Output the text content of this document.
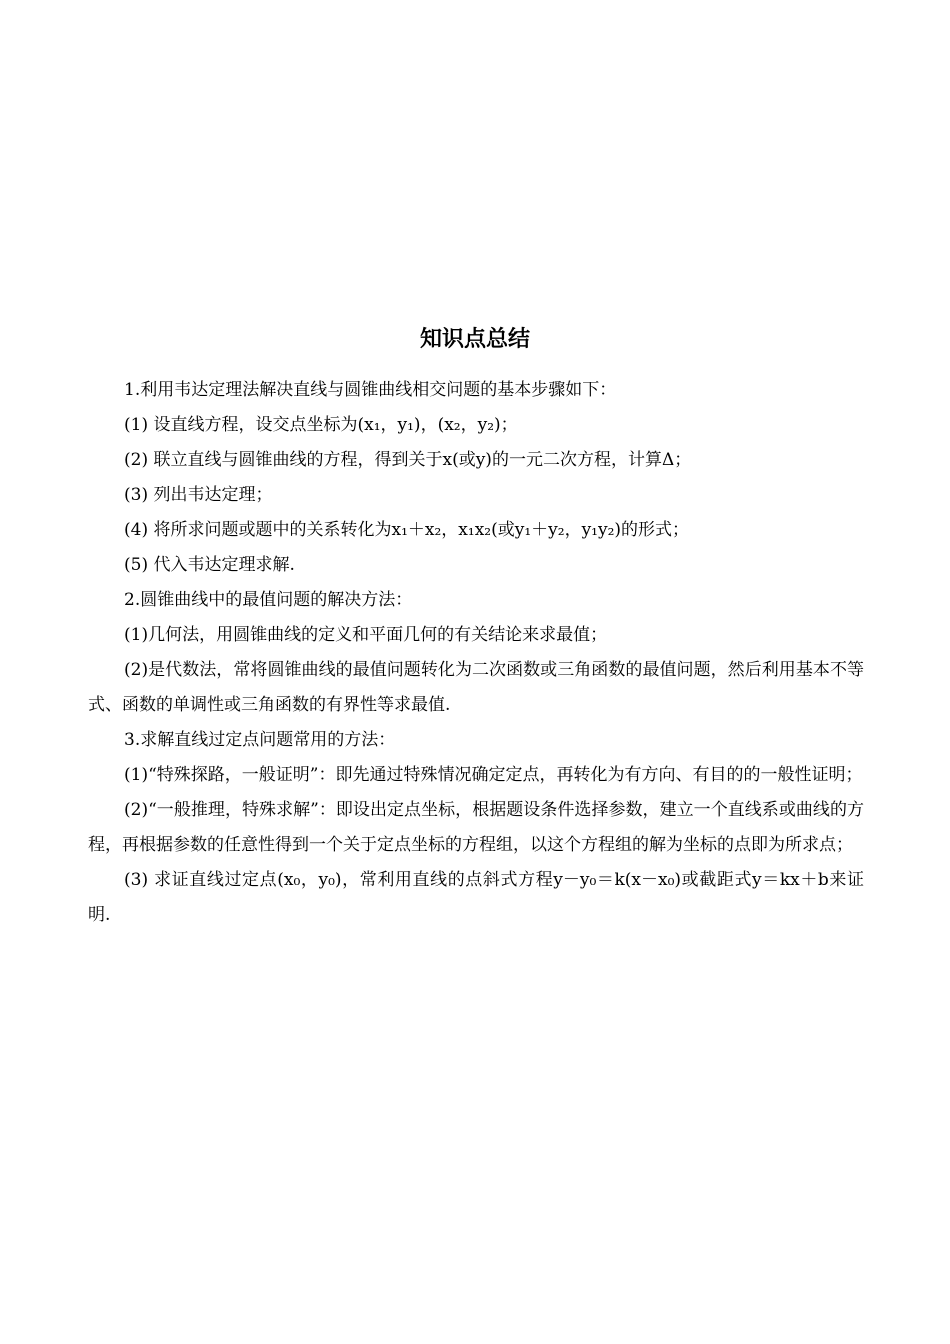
知识点总结

1.利用韦达定理法解决直线与圆锥曲线相交问题的基本步骤如下：

(1) 设直线方程，设交点坐标为(x₁，y₁)，(x₂，y₂)；

(2) 联立直线与圆锥曲线的方程，得到关于x(或y)的一元二次方程，计算Δ；

(3) 列出韦达定理；

(4) 将所求问题或题中的关系转化为x₁＋x₂，x₁x₂(或y₁＋y₂，y₁y₂)的形式；

(5) 代入韦达定理求解.

2.圆锥曲线中的最值问题的解决方法：

(1)几何法，用圆锥曲线的定义和平面几何的有关结论来求最值；

(2)是代数法，常将圆锥曲线的最值问题转化为二次函数或三角函数的最值问题，然后利用基本不等式、函数的单调性或三角函数的有界性等求最值.

3.求解直线过定点问题常用的方法：

(1)“特殊探路，一般证明”：即先通过特殊情况确定定点，再转化为有方向、有目的的一般性证明；

(2)“一般推理，特殊求解”：即设出定点坐标，根据题设条件选择参数，建立一个直线系或曲线的方程，再根据参数的任意性得到一个关于定点坐标的方程组，以这个方程组的解为坐标的点即为所求点；

(3) 求证直线过定点(x₀，y₀)，常利用直线的点斜式方程y－y₀＝k(x－x₀)或截距式y＝kx＋b来证明.
